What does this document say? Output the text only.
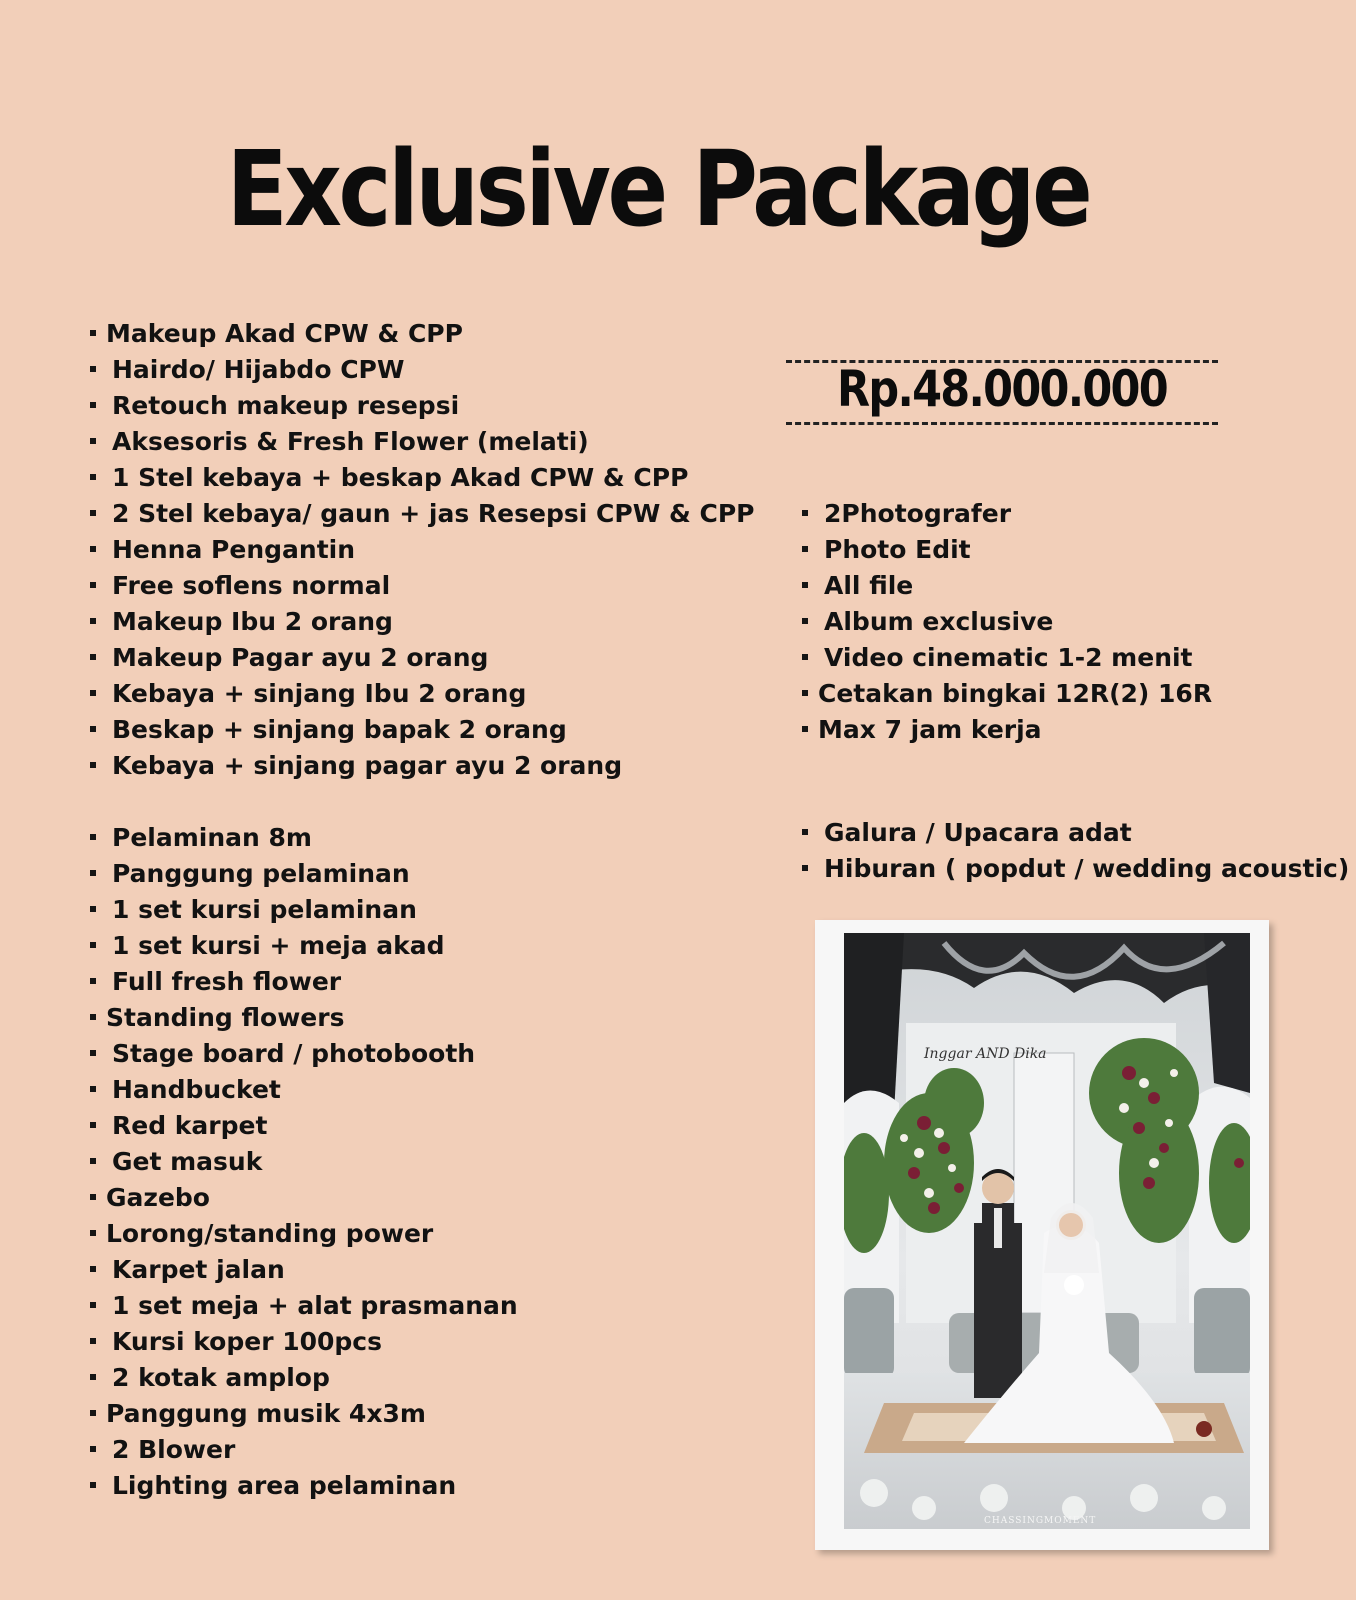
Exclusive Package
Makeup Akad CPW & CPP
Hairdo/ Hijabdo CPW
Retouch makeup resepsi
Aksesoris & Fresh Flower (melati)
1 Stel kebaya + beskap Akad CPW & CPP
2 Stel kebaya/ gaun + jas Resepsi CPW & CPP
Henna Pengantin
Free soflens normal
Makeup Ibu 2 orang
Makeup Pagar ayu 2 orang
Kebaya + sinjang Ibu 2 orang
Beskap + sinjang bapak 2 orang
Kebaya + sinjang pagar ayu 2 orang
Pelaminan 8m
Panggung pelaminan
1 set kursi pelaminan
1 set kursi + meja akad
Full fresh flower
Standing flowers
Stage board / photobooth
Handbucket
Red karpet
Get masuk
Gazebo
Lorong/standing power
Karpet jalan
1 set meja + alat prasmanan
Kursi koper 100pcs
2 kotak amplop
Panggung musik 4x3m
2 Blower
Lighting area pelaminan
Rp.48.000.000
2Photografer
Photo Edit
All file
Album exclusive
Video cinematic 1-2 menit
Cetakan bingkai 12R(2) 16R
Max 7 jam kerja
Galura / Upacara adat
Hiburan ( popdut / wedding acoustic)
Inggar AND Dika
CHASSINGMOMENT
